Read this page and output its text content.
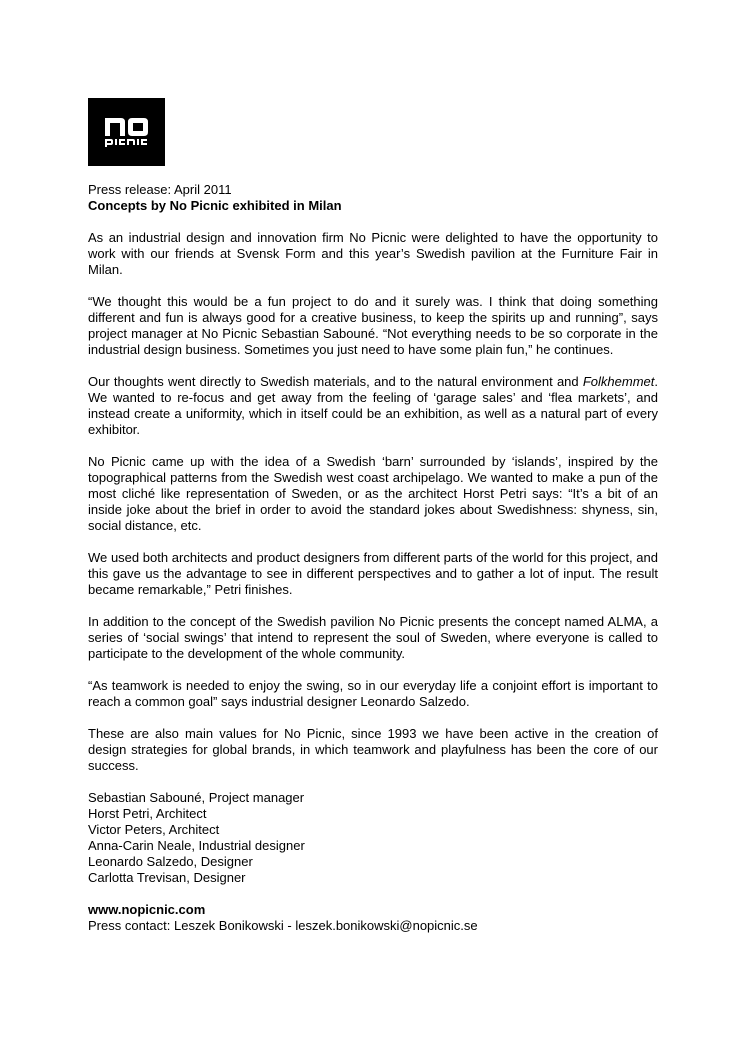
Press release: April 2011
Concepts by No Picnic exhibited in Milan

As an industrial design and innovation firm No Picnic were delighted to have the opportunity to work with our friends at Svensk Form and this year’s Swedish pavilion at the Furniture Fair in Milan.

“We thought this would be a fun project to do and it surely was. I think that doing something different and fun is always good for a creative business, to keep the spirits up and running”, says project manager at No Picnic Sebastian Sabouné. “Not everything needs to be so corporate in the industrial design business. Sometimes you just need to have some plain fun,” he continues.

Our thoughts went directly to Swedish materials, and to the natural environment and Folkhemmet. We wanted to re-focus and get away from the feeling of ‘garage sales’ and ‘flea markets’, and instead create a uniformity, which in itself could be an exhibition, as well as a natural part of every exhibitor.

No Picnic came up with the idea of a Swedish ‘barn’ surrounded by ‘islands’, inspired by the topographical patterns from the Swedish west coast archipelago. We wanted to make a pun of the most cliché like representation of Sweden, or as the architect Horst Petri says: “It’s a bit of an inside joke about the brief in order to avoid the standard jokes about Swedishness: shyness, sin, social distance, etc.

We used both architects and product designers from different parts of the world for this project, and this gave us the advantage to see in different perspectives and to gather a lot of input. The result became remarkable,” Petri finishes.

In addition to the concept of the Swedish pavilion No Picnic presents the concept named ALMA, a series of ‘social swings’ that intend to represent the soul of Sweden, where everyone is called to participate to the development of the whole community.

“As teamwork is needed to enjoy the swing, so in our everyday life a conjoint effort is important to reach a common goal” says industrial designer Leonardo Salzedo.

These are also main values for No Picnic, since 1993 we have been active in the creation of design strategies for global brands, in which teamwork and playfulness has been the core of our success.

Sebastian Sabouné, Project manager
Horst Petri, Architect
Victor Peters, Architect
Anna-Carin Neale, Industrial designer
Leonardo Salzedo, Designer
Carlotta Trevisan, Designer
www.nopicnic.com
Press contact: Leszek Bonikowski - leszek.bonikowski@nopicnic.se
